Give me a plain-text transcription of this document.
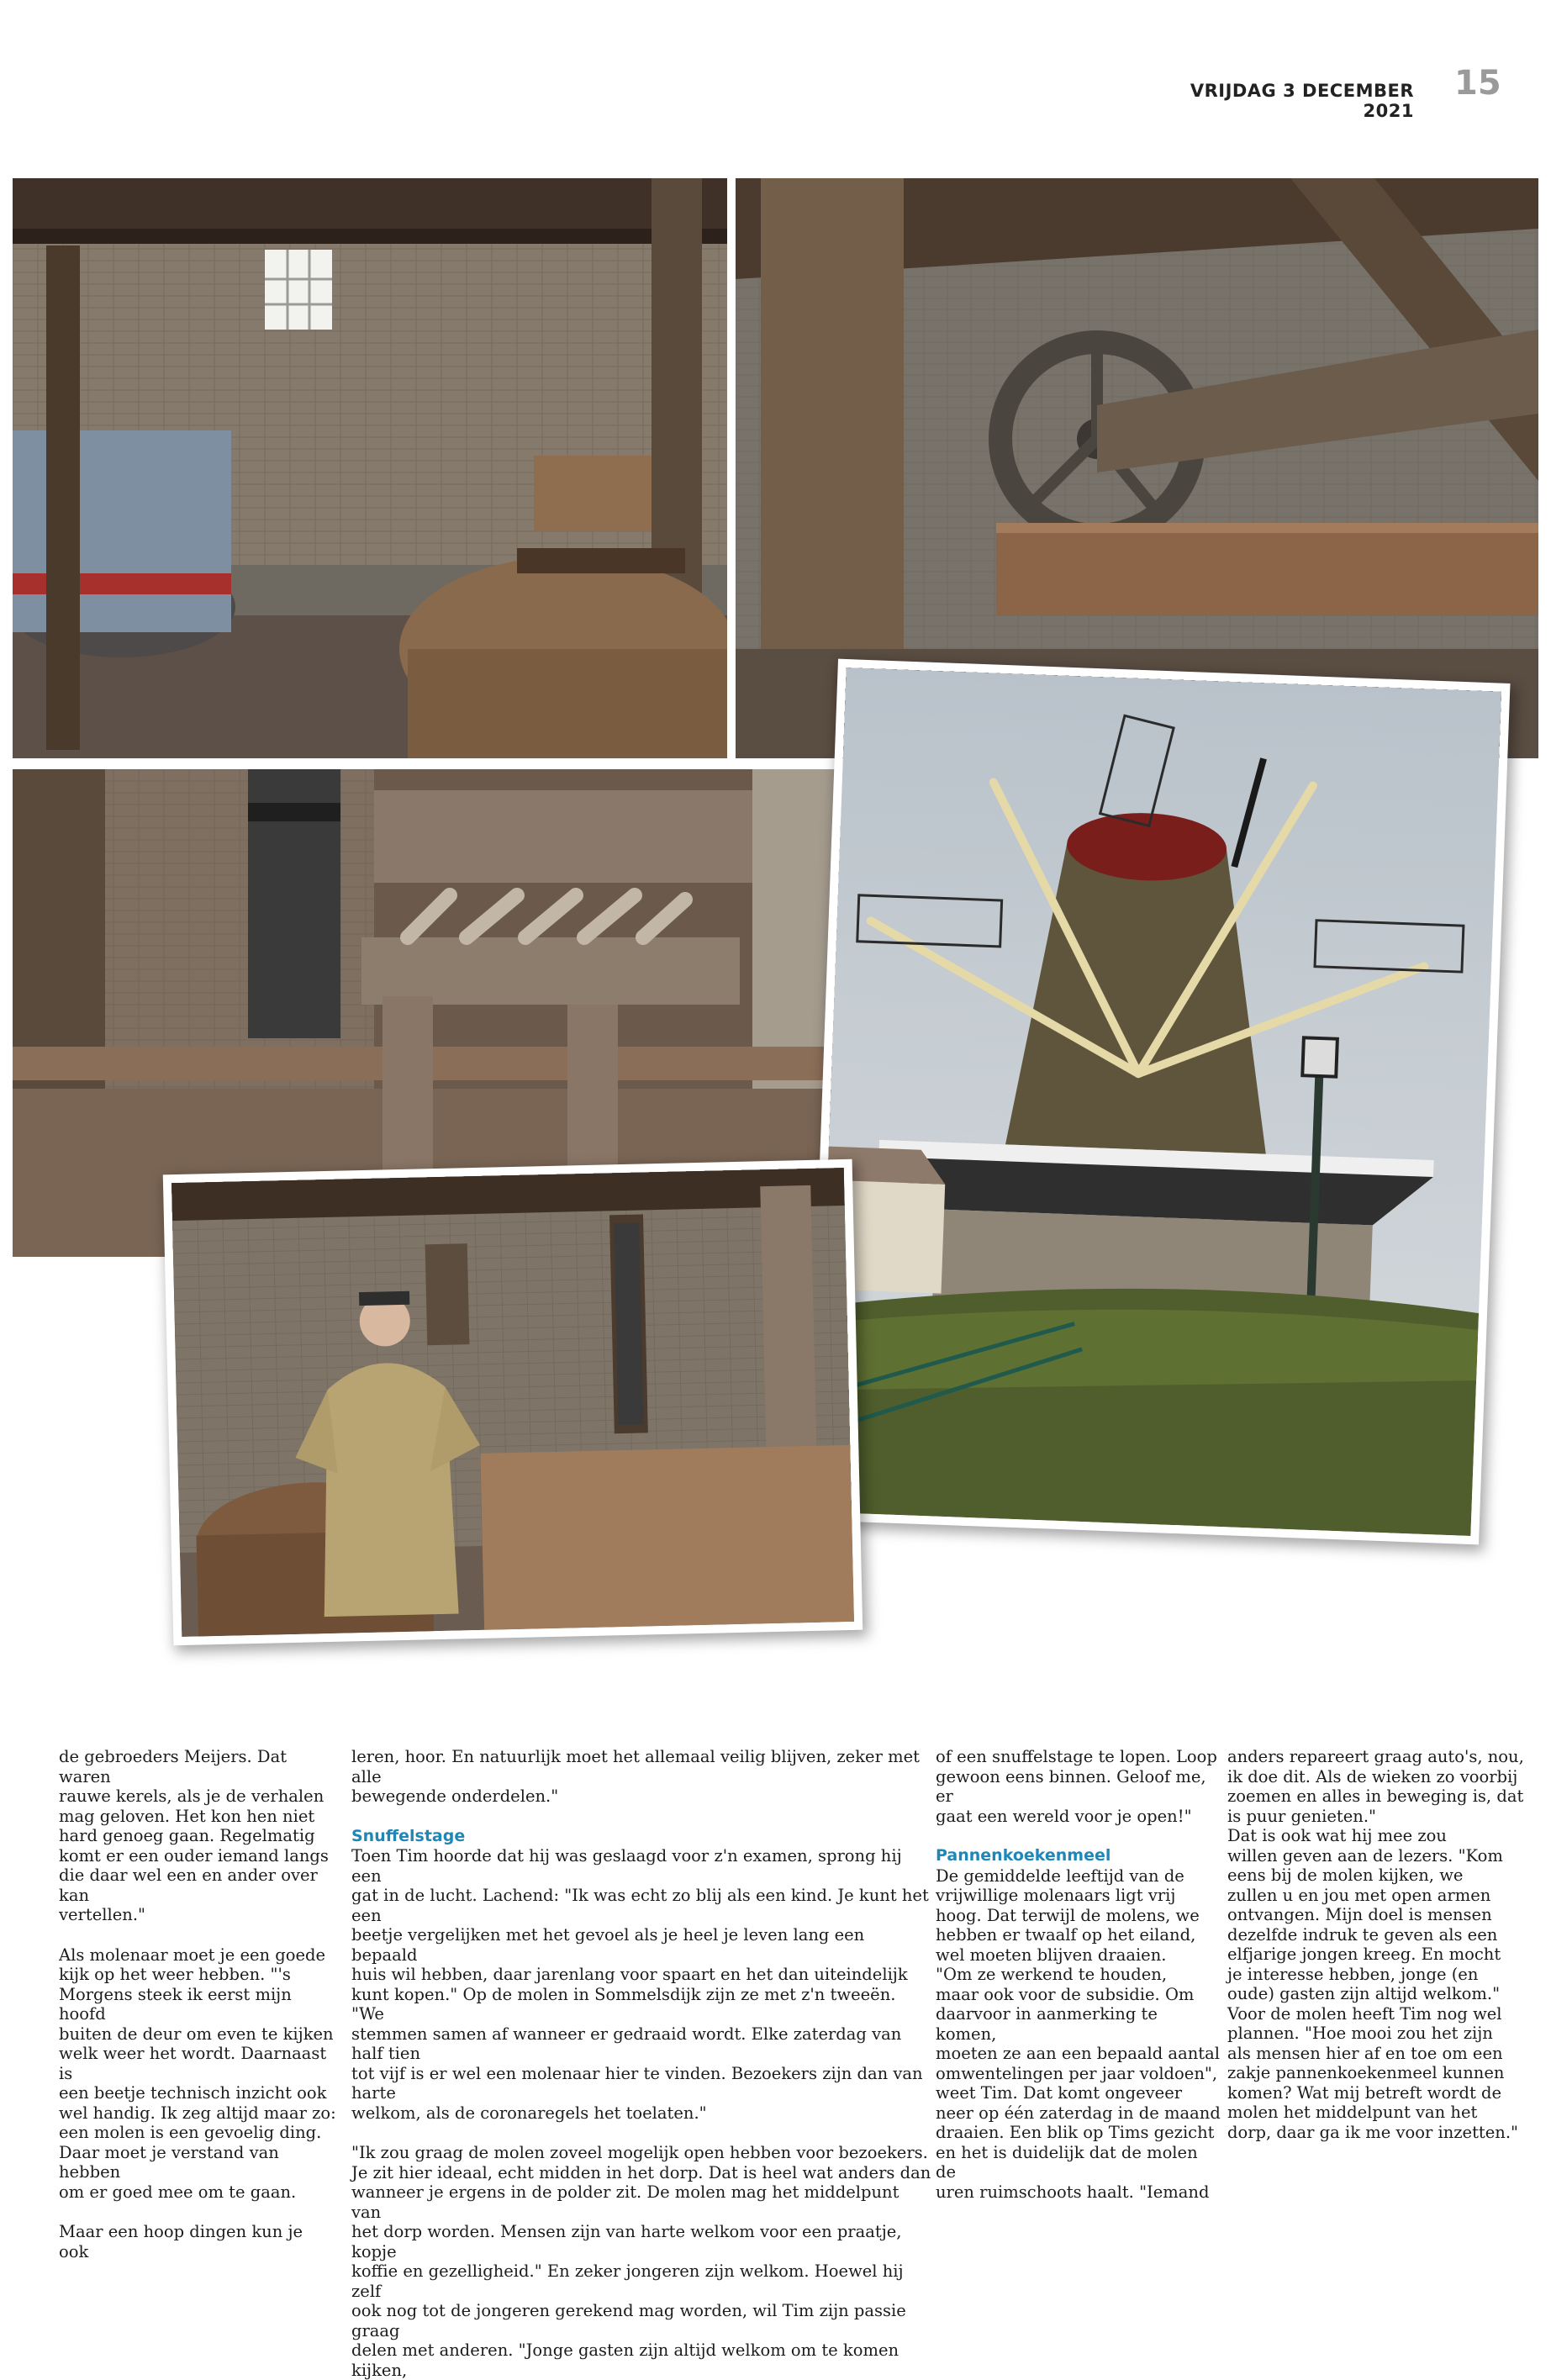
VRIJDAG 3 DECEMBER 2021
15

de gebroeders Meijers. Dat waren
rauwe kerels, als je de verhalen
mag geloven. Het kon hen niet
hard genoeg gaan. Regelmatig
komt er een ouder iemand langs
die daar wel een en ander over kan
vertellen."

Als molenaar moet je een goede
kijk op het weer hebben. "'s
Morgens steek ik eerst mijn hoofd
buiten de deur om even te kijken
welk weer het wordt. Daarnaast is
een beetje technisch inzicht ook
wel handig. Ik zeg altijd maar zo:
een molen is een gevoelig ding.
Daar moet je verstand van hebben
om er goed mee om te gaan.

Maar een hoop dingen kun je ook

leren, hoor. En natuurlijk moet het allemaal veilig blijven, zeker met alle
bewegende onderdelen."

Snuffelstage

Toen Tim hoorde dat hij was geslaagd voor z'n examen, sprong hij een
gat in de lucht. Lachend: "Ik was echt zo blij als een kind. Je kunt het een
beetje vergelijken met het gevoel als je heel je leven lang een bepaald
huis wil hebben, daar jarenlang voor spaart en het dan uiteindelijk
kunt kopen." Op de molen in Sommelsdijk zijn ze met z'n tweeën. "We
stemmen samen af wanneer er gedraaid wordt. Elke zaterdag van half tien
tot vijf is er wel een molenaar hier te vinden. Bezoekers zijn dan van harte
welkom, als de coronaregels het toelaten."

"Ik zou graag de molen zoveel mogelijk open hebben voor bezoekers.
Je zit hier ideaal, echt midden in het dorp. Dat is heel wat anders dan
wanneer je ergens in de polder zit. De molen mag het middelpunt van
het dorp worden. Mensen zijn van harte welkom voor een praatje, kopje
koffie en gezelligheid." En zeker jongeren zijn welkom. Hoewel hij zelf
ook nog tot de jongeren gerekend mag worden, wil Tim zijn passie graag
delen met anderen. "Jonge gasten zijn altijd welkom om te komen kijken,

of een snuffelstage te lopen. Loop
gewoon eens binnen. Geloof me, er
gaat een wereld voor je open!"

Pannenkoekenmeel

De gemiddelde leeftijd van de
vrijwillige molenaars ligt vrij
hoog. Dat terwijl de molens, we
hebben er twaalf op het eiland,
wel moeten blijven draaien.
"Om ze werkend te houden,
maar ook voor de subsidie. Om
daarvoor in aanmerking te komen,
moeten ze aan een bepaald aantal
omwentelingen per jaar voldoen",
weet Tim. Dat komt ongeveer
neer op één zaterdag in de maand
draaien. Een blik op Tims gezicht
en het is duidelijk dat de molen de
uren ruimschoots haalt. "Iemand

anders repareert graag auto's, nou,
ik doe dit. Als de wieken zo voorbij
zoemen en alles in beweging is, dat
is puur genieten."
Dat is ook wat hij mee zou
willen geven aan de lezers. "Kom
eens bij de molen kijken, we
zullen u en jou met open armen
ontvangen. Mijn doel is mensen
dezelfde indruk te geven als een
elfjarige jongen kreeg. En mocht
je interesse hebben, jonge (en
oude) gasten zijn altijd welkom."
Voor de molen heeft Tim nog wel
plannen. "Hoe mooi zou het zijn
als mensen hier af en toe om een
zakje pannenkoekenmeel kunnen
komen? Wat mij betreft wordt de
molen het middelpunt van het
dorp, daar ga ik me voor inzetten."
